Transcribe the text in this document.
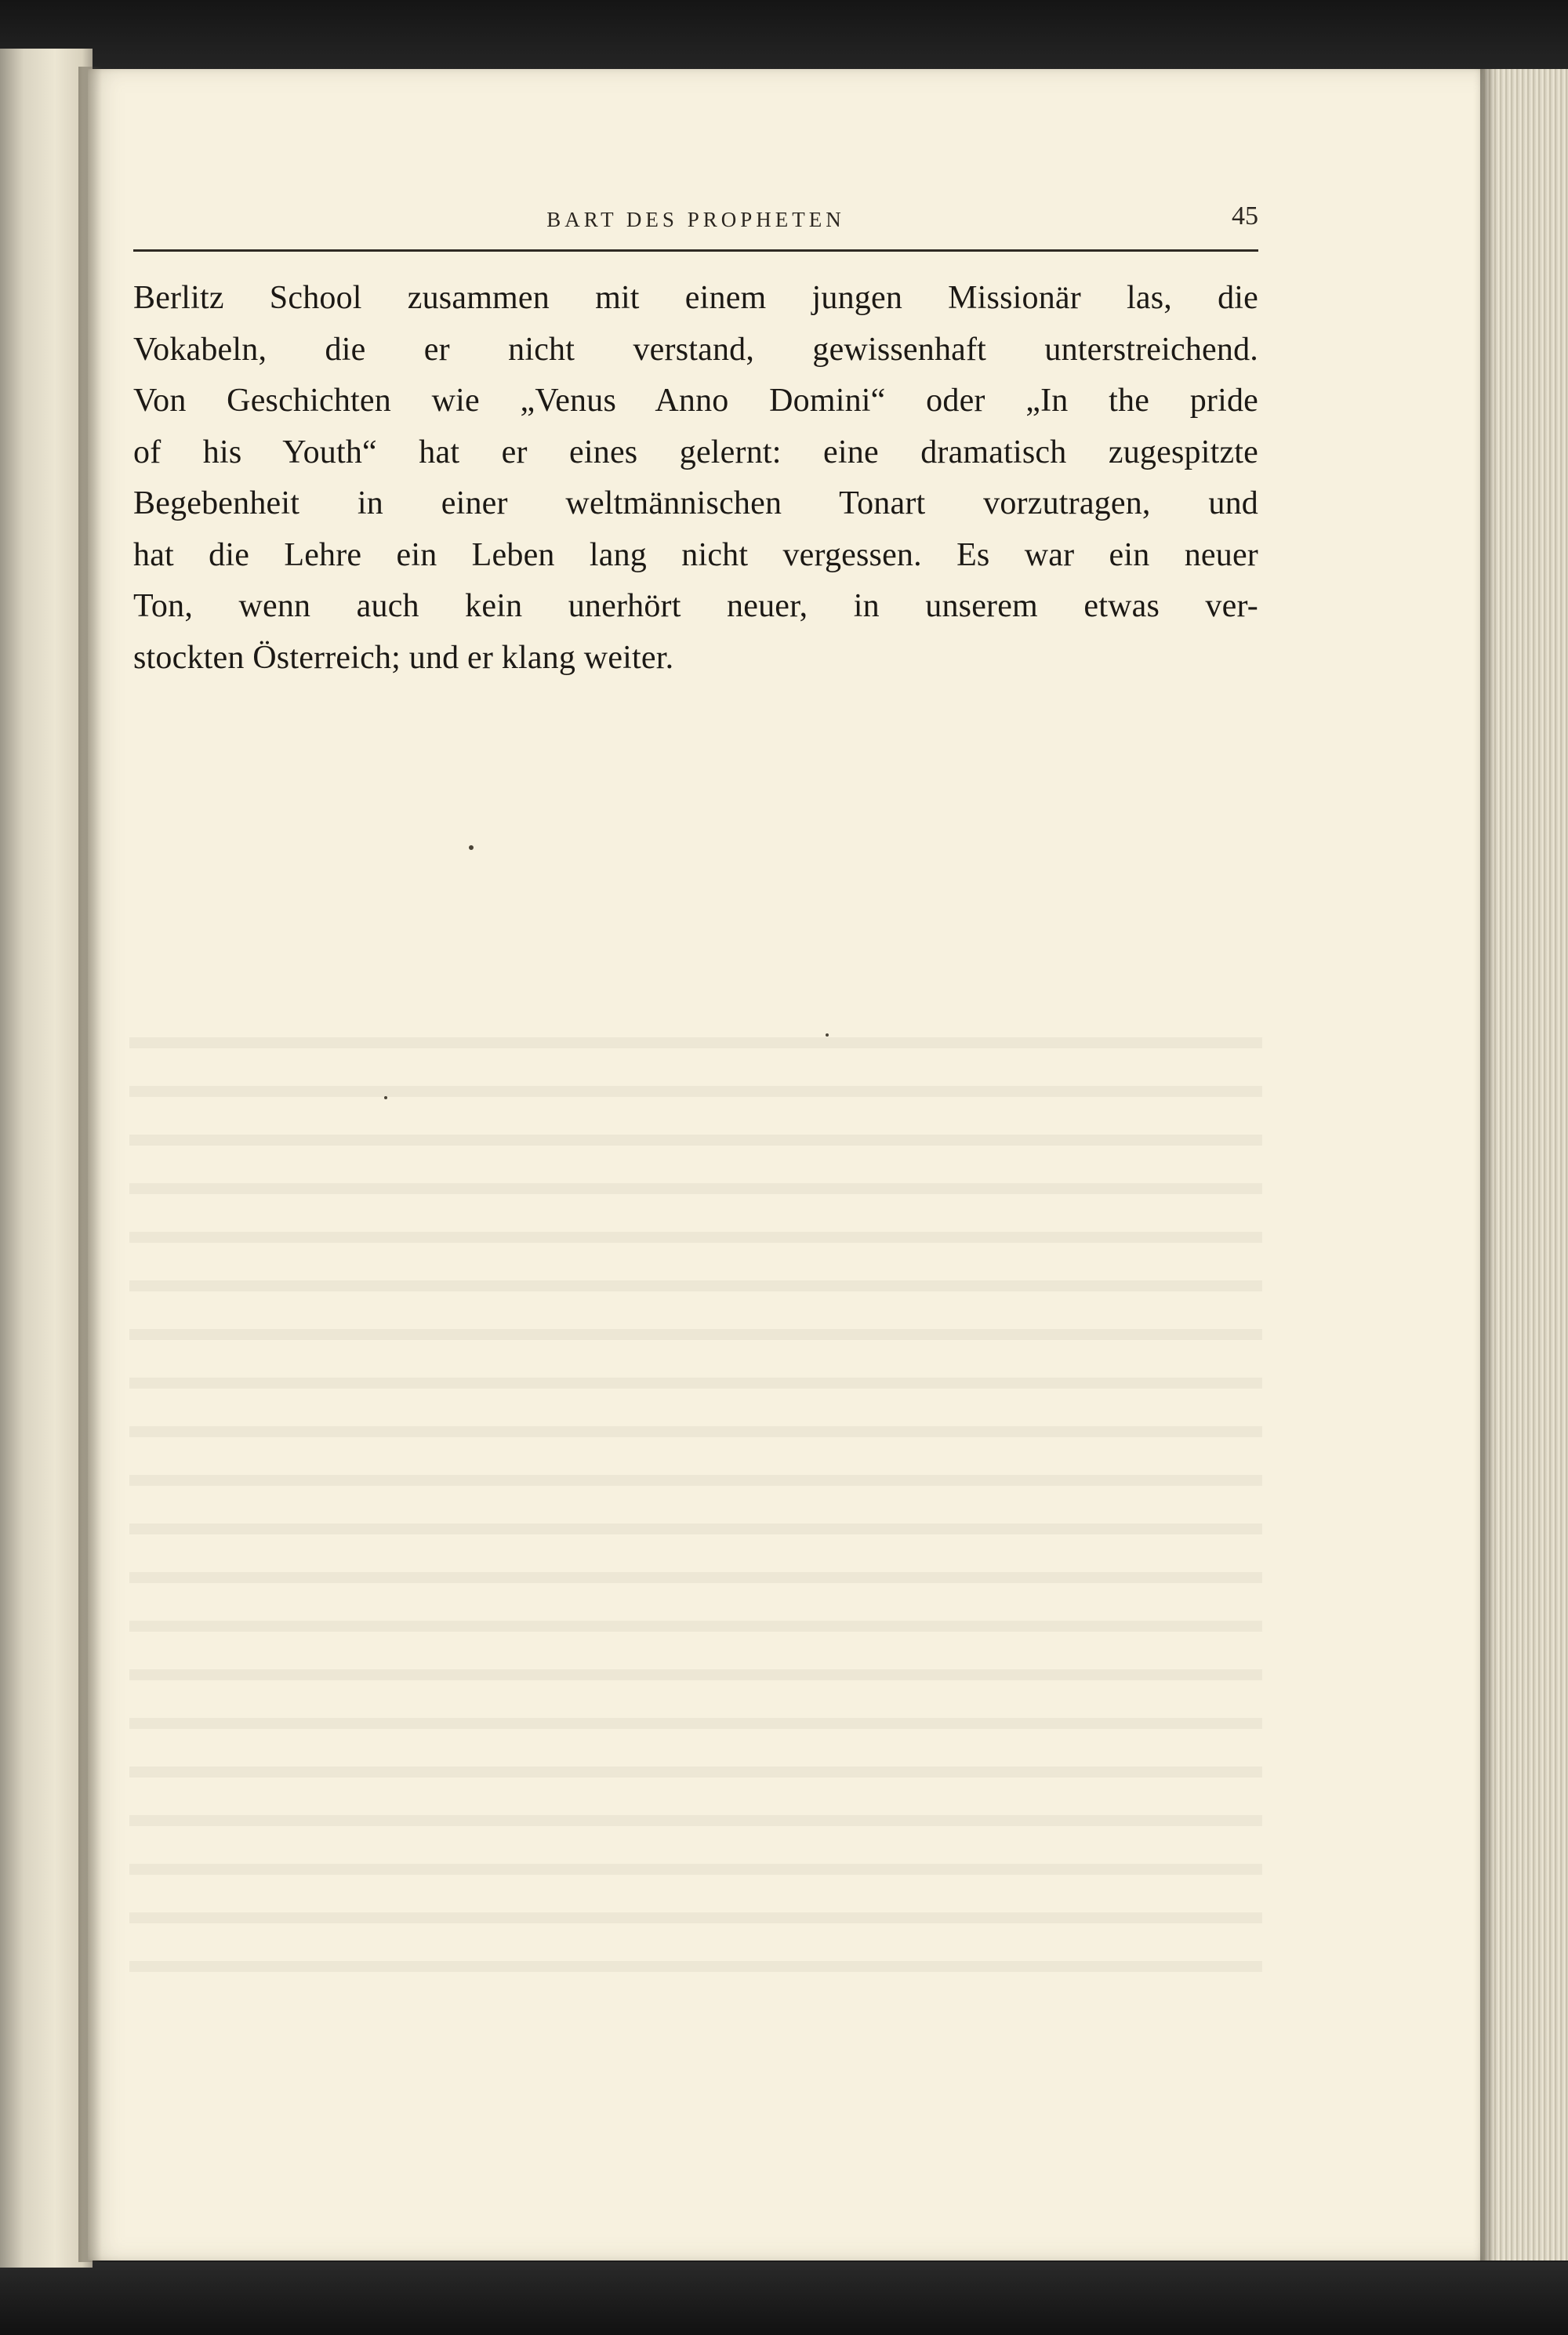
BART DES PROPHETEN	45

Berlitz School zusammen mit einem jungen Missionär las, die
Vokabeln, die er nicht verstand, gewissenhaft unterstreichend.
Von Geschichten wie „Venus Anno Domini“ oder „In the pride
of his Youth“ hat er eines gelernt: eine dramatisch zugespitzte
Begebenheit in einer weltmännischen Tonart vorzutragen, und
hat die Lehre ein Leben lang nicht vergessen. Es war ein neuer
Ton, wenn auch kein unerhört neuer, in unserem etwas ver-
stockten Österreich; und er klang weiter.
